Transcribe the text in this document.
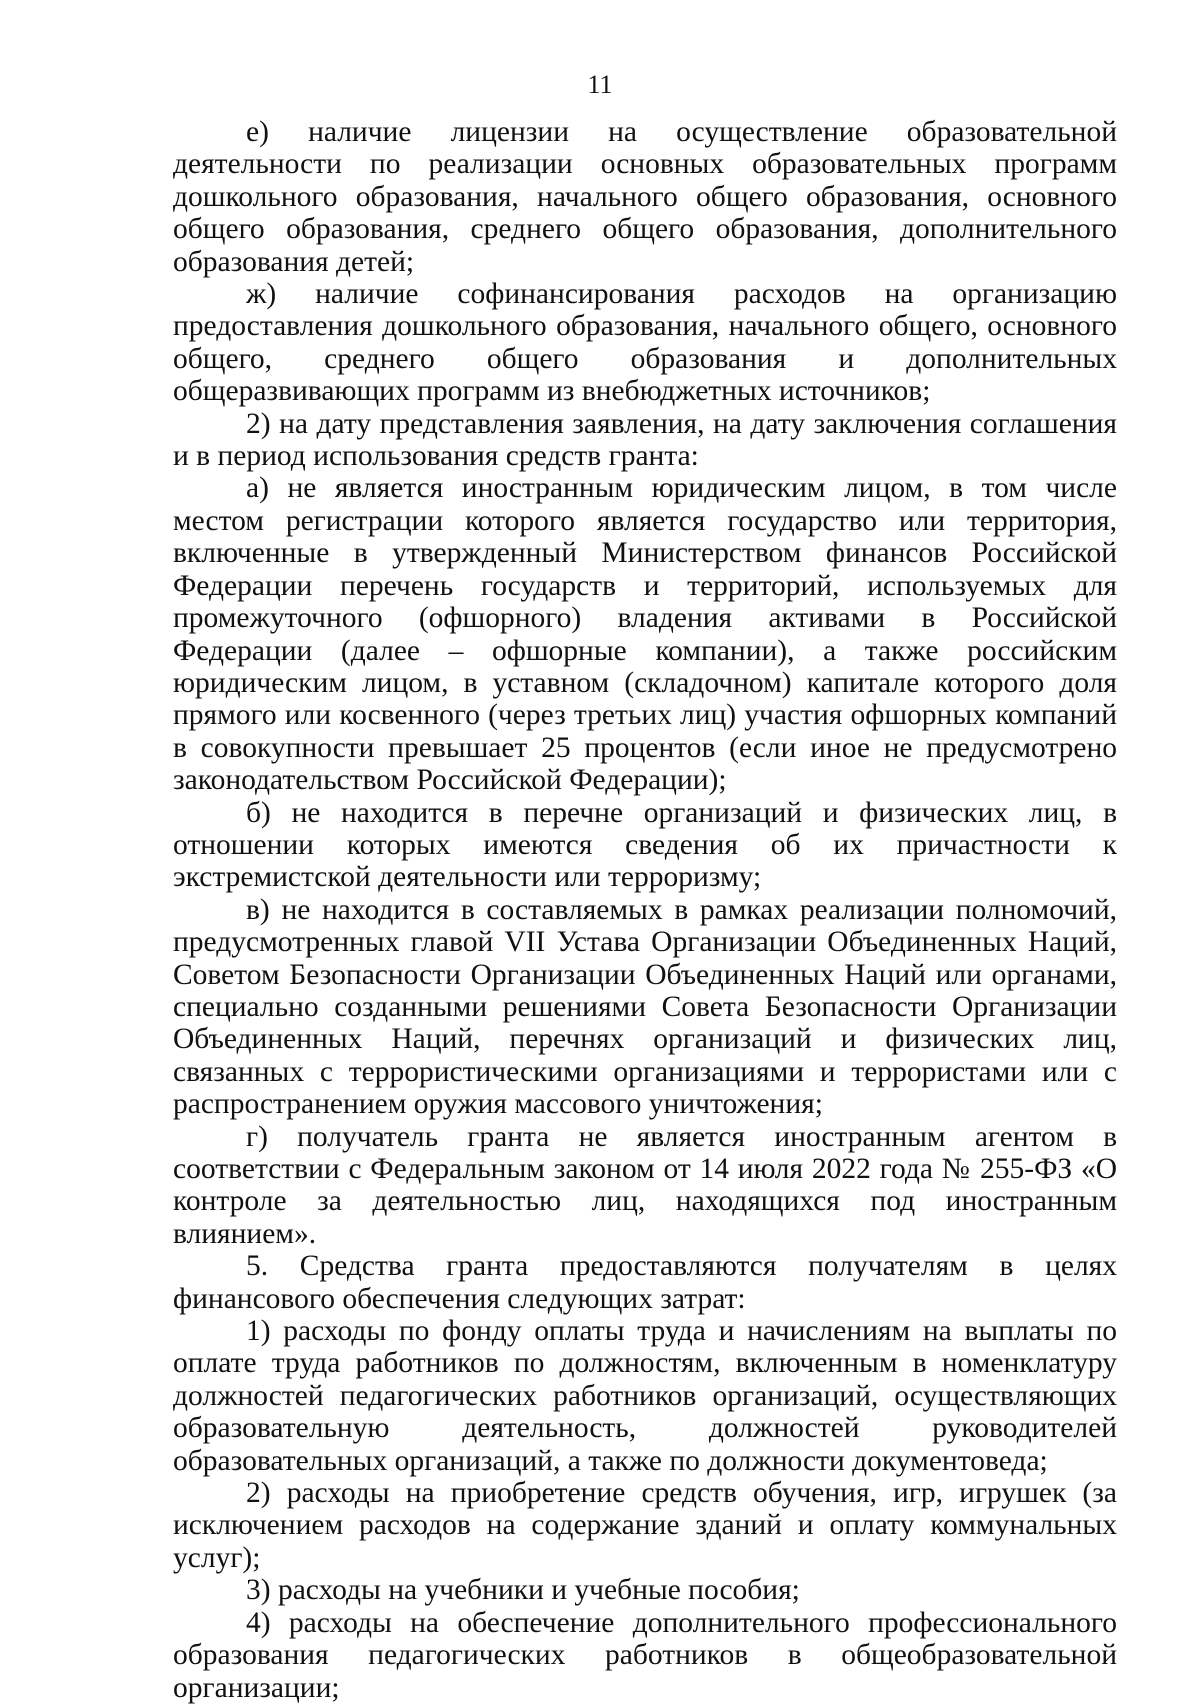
11

е) наличие лицензии на осуществление образовательной деятельности по реализации основных образовательных программ дошкольного образования, начального общего образования, основного общего образования, среднего общего образования, дополнительного образования детей;

ж) наличие софинансирования расходов на организацию предоставления дошкольного образования, начального общего, основного общего, среднего общего образования и дополнительных общеразвивающих программ из внебюджетных источников;

2) на дату представления заявления, на дату заключения соглашения и в период использования средств гранта:

а) не является иностранным юридическим лицом, в том числе местом регистрации которого является государство или территория, включенные в утвержденный Министерством финансов Российской Федерации перечень государств и территорий, используемых для промежуточного (офшорного) владения активами в Российской Федерации (далее – офшорные компании), а также российским юридическим лицом, в уставном (складочном) капитале которого доля прямого или косвенного (через третьих лиц) участия офшорных компаний в совокупности превышает 25 процентов (если иное не предусмотрено законодательством Российской Федерации);

б) не находится в перечне организаций и физических лиц, в отношении которых имеются сведения об их причастности к экстремистской деятельности или терроризму;

в) не находится в составляемых в рамках реализации полномочий, предусмотренных главой VII Устава Организации Объединенных Наций, Советом Безопасности Организации Объединенных Наций или органами, специально созданными решениями Совета Безопасности Организации Объединенных Наций, перечнях организаций и физических лиц, связанных с террористическими организациями и террористами или с распространением оружия массового уничтожения;

г) получатель гранта не является иностранным агентом в соответствии с Федеральным законом от 14 июля 2022 года № 255-ФЗ «О контроле за деятельностью лиц, находящихся под иностранным влиянием».

5. Средства гранта предоставляются получателям в целях финансового обеспечения следующих затрат:

1) расходы по фонду оплаты труда и начислениям на выплаты по оплате труда работников по должностям, включенным в номенклатуру должностей педагогических работников организаций, осуществляющих образовательную деятельность, должностей руководителей образовательных организаций, а также по должности документоведа;

2) расходы на приобретение средств обучения, игр, игрушек (за исключением расходов на содержание зданий и оплату коммунальных услуг);

3) расходы на учебники и учебные пособия;

4) расходы на обеспечение дополнительного профессионального образования педагогических работников в общеобразовательной организации;
